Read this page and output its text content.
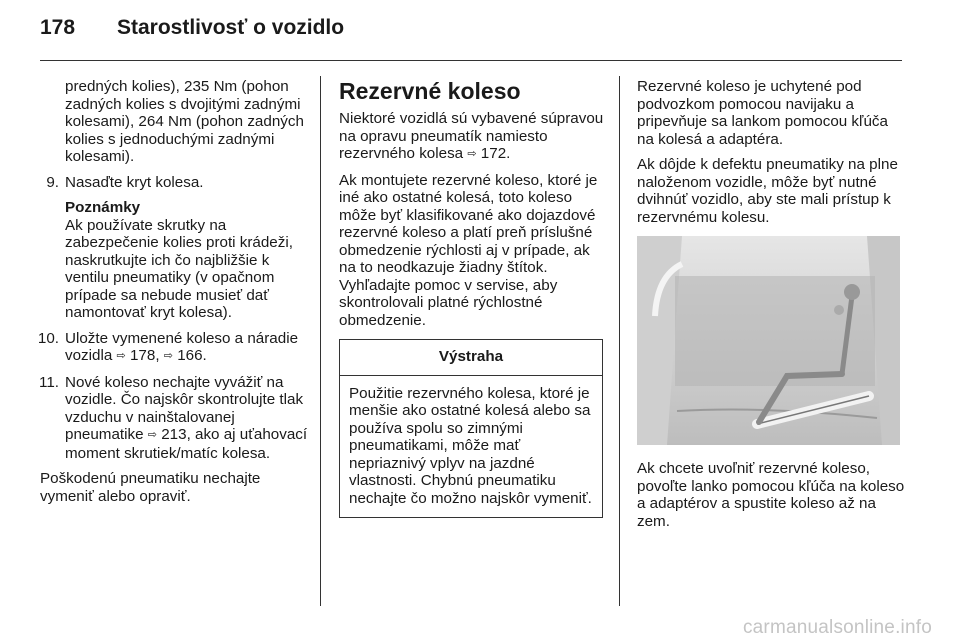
178 Starostlivosť o vozidlo

predných kolies), 235 Nm (pohon zadných kolies s dvojitými zadnými kolesami), 264 Nm (pohon zadných kolies s jednoduchými zadnými kolesami).

9. Nasaďte kryt kolesa.
Poznámky
Ak používate skrutky na zabezpečenie kolies proti krádeži, naskrutkujte ich čo najbližšie k ventilu pneumatiky (v opačnom prípade sa nebude musieť dať namontovať kryt kolesa).
10. Uložte vymenené koleso a náradie vozidla ⇨ 178, ⇨ 166.
11. Nové koleso nechajte vyvážiť na vozidle. Čo najskôr skontrolujte tlak vzduchu v nainštalovanej pneumatike ⇨ 213, ako aj uťahovací moment skrutiek/matíc kolesa.

Poškodenú pneumatiku nechajte vymeniť alebo opraviť.

Rezervné koleso

Niektoré vozidlá sú vybavené súpravou na opravu pneumatík namiesto rezervného kolesa ⇨ 172.

Ak montujete rezervné koleso, ktoré je iné ako ostatné kolesá, toto koleso môže byť klasifikované ako dojazdové rezervné koleso a platí preň príslušné obmedzenie rýchlosti aj v prípade, ak na to neodkazuje žiadny štítok. Vyhľadajte pomoc v servise, aby skontrolovali platné rýchlostné obmedzenie.

Výstraha
Použitie rezervného kolesa, ktoré je menšie ako ostatné kolesá alebo sa používa spolu so zimnými pneumatikami, môže mať nepriaznivý vplyv na jazdné vlastnosti. Chybnú pneumatiku nechajte čo možno najskôr vymeniť.

Rezervné koleso je uchytené pod podvozkom pomocou navijaku a pripevňuje sa lankom pomocou kľúča na kolesá a adaptéra.

Ak dôjde k defektu pneumatiky na plne naloženom vozidle, môže byť nutné dvihnúť vozidlo, aby ste mali prístup k rezervnému kolesu.

Ak chcete uvoľniť rezervné koleso, povoľte lanko pomocou kľúča na koleso a adaptérov a spustite koleso až na zem.

carmanualsonline.info
